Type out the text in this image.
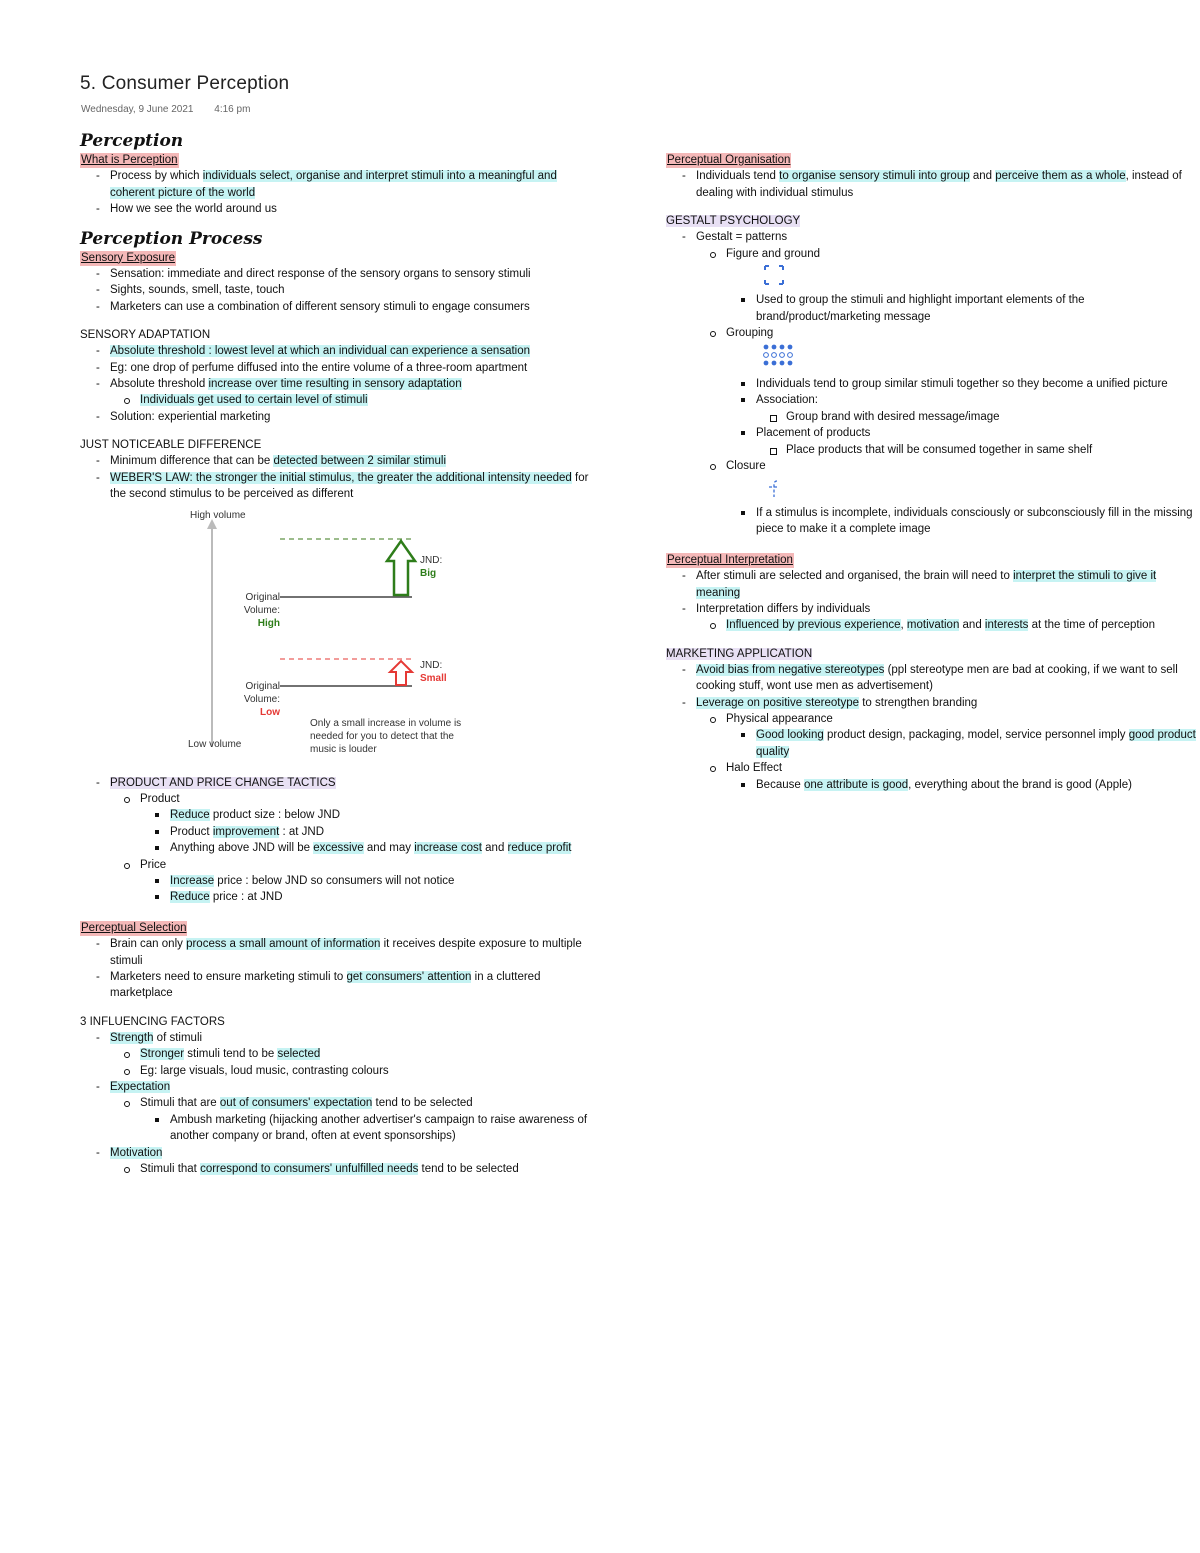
5. Consumer Perception
Wednesday, 9 June 2021 4:16 pm
Perception
What is Perception
- Process by which individuals select, organise and interpret stimuli into a meaningful and coherent picture of the world
- How we see the world around us
Perception Process
Sensory Exposure
- Sensation: immediate and direct response of the sensory organs to sensory stimuli
- Sights, sounds, smell, taste, touch
- Marketers can use a combination of different sensory stimuli to engage consumers
SENSORY ADAPTATION
- Absolute threshold : lowest level at which an individual can experience a sensation
- Eg: one drop of perfume diffused into the entire volume of a three-room apartment
- Absolute threshold increase over time resulting in sensory adaptation
Individuals get used to certain level of stimuli
- Solution: experiential marketing
JUST NOTICEABLE DIFFERENCE
- Minimum difference that can be detected between 2 similar stimuli
- WEBER'S LAW: the stronger the initial stimulus, the greater the additional intensity needed for the second stimulus to be perceived as different
High volume
Low volume
Original Volume:
High
Original Volume:
Low
JND:
Big
JND:
Small
Only a small increase in volume is needed for you to detect that the music is louder
- PRODUCT AND PRICE CHANGE TACTICS
Product
Reduce product size : below JND
Product improvement : at JND
Anything above JND will be excessive and may increase cost and reduce profit
Price
Increase price : below JND so consumers will not notice
Reduce price : at JND
Perceptual Selection
- Brain can only process a small amount of information it receives despite exposure to multiple stimuli
- Marketers need to ensure marketing stimuli to get consumers' attention in a cluttered marketplace
3 INFLUENCING FACTORS
- Strength of stimuli
Stronger stimuli tend to be selected
Eg: large visuals, loud music, contrasting colours
- Expectation
Stimuli that are out of consumers' expectation tend to be selected
Ambush marketing (hijacking another advertiser's campaign to raise awareness of another company or brand, often at event sponsorships)
- Motivation
Stimuli that correspond to consumers' unfulfilled needs tend to be selected
Perceptual Organisation
- Individuals tend to organise sensory stimuli into group and perceive them as a whole, instead of dealing with individual stimulus
GESTALT PSYCHOLOGY
- Gestalt = patterns
Figure and ground
Used to group the stimuli and highlight important elements of the brand/product/marketing message
Grouping
Individuals tend to group similar stimuli together so they become a unified picture
Association:
Group brand with desired message/image
Placement of products
Place products that will be consumed together in same shelf
Closure
If a stimulus is incomplete, individuals consciously or subconsciously fill in the missing piece to make it a complete image
Perceptual Interpretation
- After stimuli are selected and organised, the brain will need to interpret the stimuli to give it meaning
- Interpretation differs by individuals
Influenced by previous experience, motivation and interests at the time of perception
MARKETING APPLICATION
- Avoid bias from negative stereotypes (ppl stereotype men are bad at cooking, if we want to sell cooking stuff, wont use men as advertisement)
- Leverage on positive stereotype to strengthen branding
Physical appearance
Good looking product design, packaging, model, service personnel imply good product quality
Halo Effect
Because one attribute is good, everything about the brand is good (Apple)
